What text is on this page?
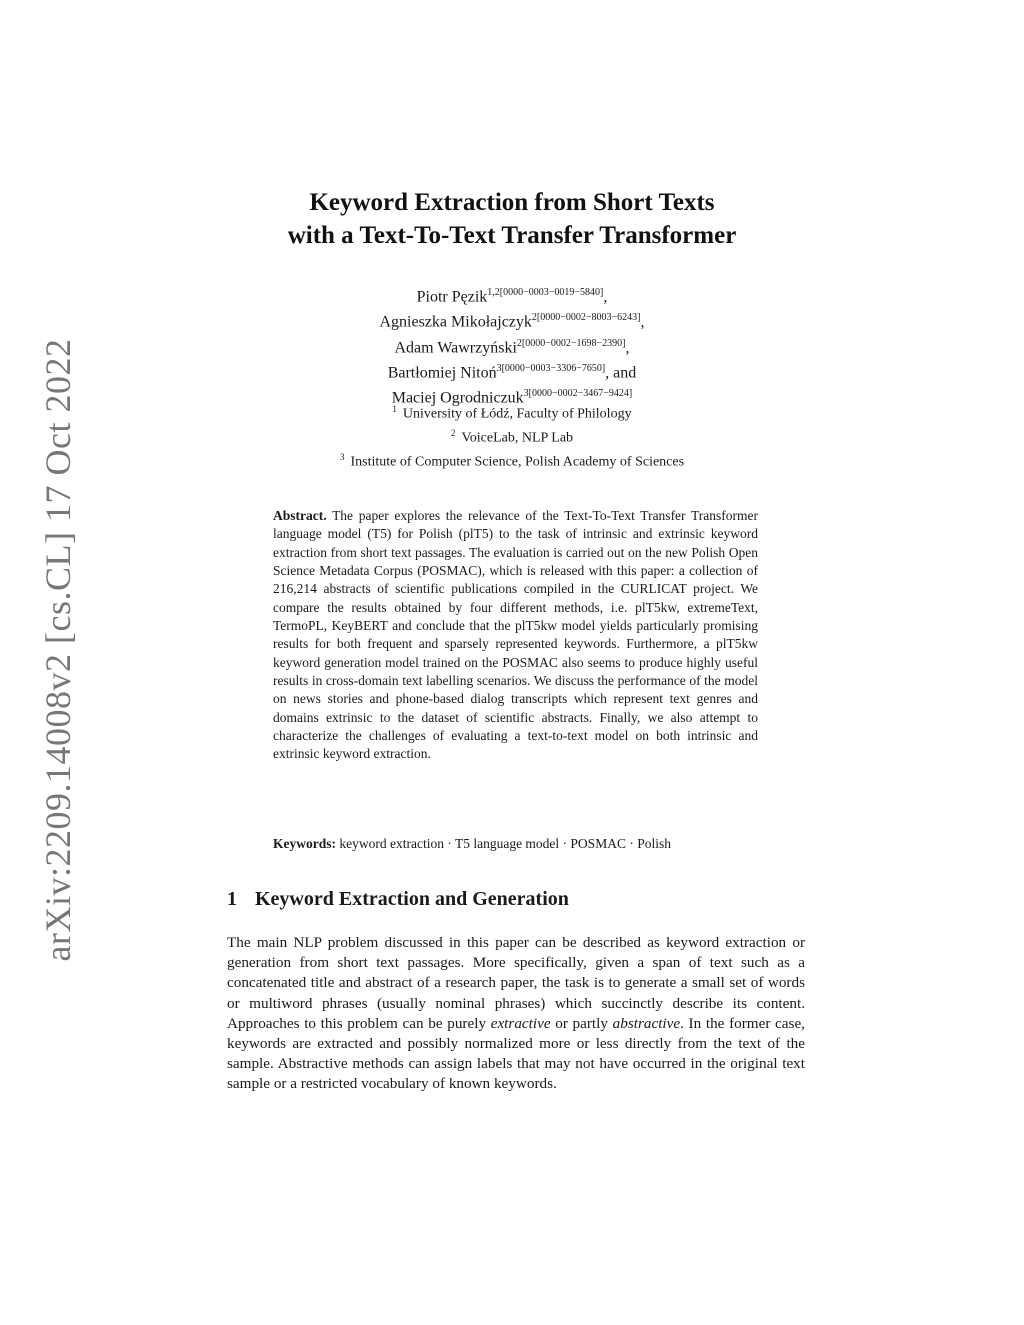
arXiv:2209.14008v2 [cs.CL] 17 Oct 2022
Keyword Extraction from Short Texts
with a Text-To-Text Transfer Transformer
Piotr Pęzik$^{1,2[0000-0003-0019-5840]}$,
Agnieszka Mikołajczyk$^{2[0000-0002-8003-6243]}$,
Adam Wawrzyński$^{2[0000-0002-1698-2390]}$,
Bartłomiej Nitoń$^{3[0000-0003-3306-7650]}$, and
Maciej Ogrodniczuk$^{3[0000-0002-3467-9424]}$
$^1$ University of Łódź, Faculty of Philology
$^2$ VoiceLab, NLP Lab
$^3$ Institute of Computer Science, Polish Academy of Sciences
Abstract. The paper explores the relevance of the Text-To-Text Transfer Transformer language model (T5) for Polish (plT5) to the task of intrinsic and extrinsic keyword extraction from short text passages. The evaluation is carried out on the new Polish Open Science Metadata Corpus (POSMAC), which is released with this paper: a collection of 216,214 abstracts of scientific publications compiled in the CURLICAT project. We compare the results obtained by four different methods, i.e. plT5kw, extremeText, TermoPL, KeyBERT and conclude that the plT5kw model yields particularly promising results for both frequent and sparsely represented keywords. Furthermore, a plT5kw keyword generation model trained on the POSMAC also seems to produce highly useful results in cross-domain text labelling scenarios. We discuss the performance of the model on news stories and phone-based dialog transcripts which represent text genres and domains extrinsic to the dataset of scientific abstracts. Finally, we also attempt to characterize the challenges of evaluating a text-to-text model on both intrinsic and extrinsic keyword extraction.
Keywords: keyword extraction · T5 language model · POSMAC · Polish
1 Keyword Extraction and Generation
The main NLP problem discussed in this paper can be described as keyword extraction or generation from short text passages. More specifically, given a span of text such as a concatenated title and abstract of a research paper, the task is to generate a small set of words or multiword phrases (usually nominal phrases) which succinctly describe its content. Approaches to this problem can be purely extractive or partly abstractive. In the former case, keywords are extracted and possibly normalized more or less directly from the text of the sample. Abstractive methods can assign labels that may not have occurred in the original text sample or a restricted vocabulary of known keywords.
